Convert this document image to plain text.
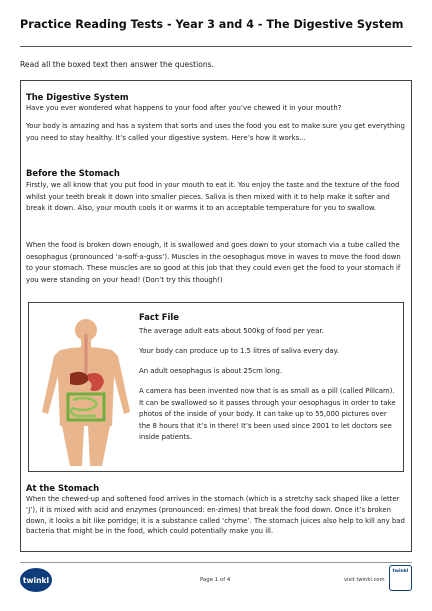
Practice Reading Tests - Year 3 and 4 - The Digestive System
Read all the boxed text then answer the questions.
The Digestive System
Have you ever wondered what happens to your food after you’ve chewed it in your mouth?
Your body is amazing and has a system that sorts and uses the food you eat to make sure you get everything you need to stay healthy. It’s called your digestive system. Here’s how it works...
Before the Stomach
Firstly, we all know that you put food in your mouth to eat it. You enjoy the taste and the texture of the food whilst your teeth break it down into smaller pieces. Saliva is then mixed with it to help make it softer and break it down. Also, your mouth cools it or warms it to an acceptable temperature for you to swallow.
When the food is broken down enough, it is swallowed and goes down to your stomach via a tube called the oesophagus (pronounced ‘a-soff-a-guss’). Muscles in the oesophagus move in waves to move the food down to your stomach. These muscles are so good at this job that they could even get the food to your stomach if you were standing on your head! (Don’t try this though!)
Fact File
The average adult eats about 500kg of food per year.
Your body can produce up to 1.5 litres of saliva every day.
An adult oesophagus is about 25cm long.
A camera has been invented now that is as small as a pill (called Pillcam). It can be swallowed so it passes through your oesophagus in order to take photos of the inside of your body. It can take up to 55,000 pictures over the 8 hours that it’s in there! It’s been used since 2001 to let doctors see inside patients.
At the Stomach
When the chewed-up and softened food arrives in the stomach (which is a stretchy sack shaped like a letter ‘J’), it is mixed with acid and enzymes (pronounced: en-zimes) that break the food down. Once it’s broken down, it looks a bit like porridge; it is a substance called ‘chyme’. The stomach juices also help to kill any bad bacteria that might be in the food, which could potentially make you ill.
twinkl	Page 1 of 4	visit twinkl.com
twinkl
